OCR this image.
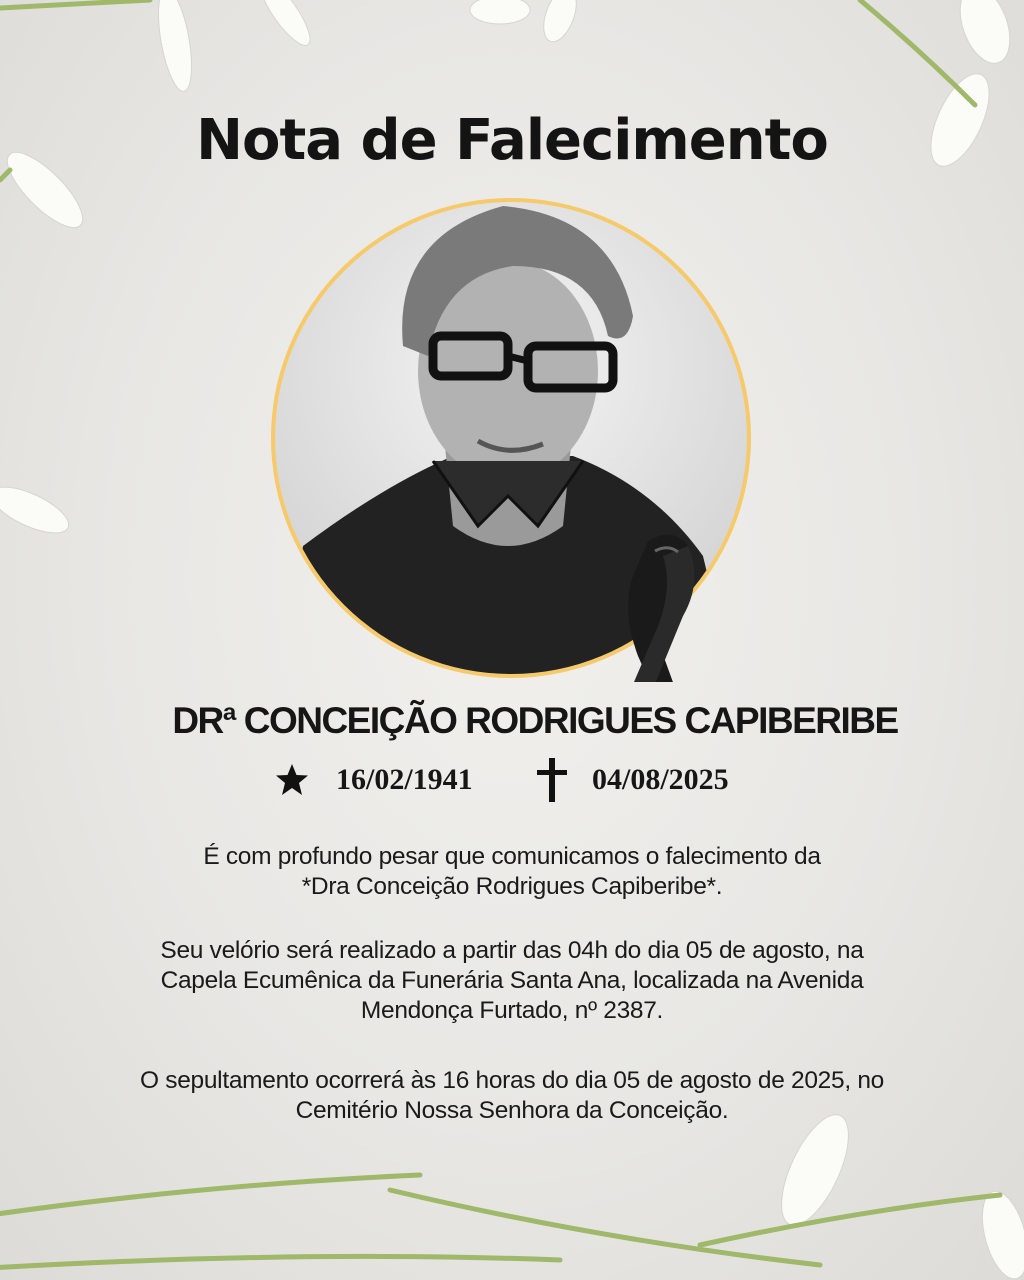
Nota de Falecimento
DRª CONCEIÇÃO RODRIGUES CAPIBERIBE
16/02/1941	04/08/2025
É com profundo pesar que comunicamos o falecimento da
*Dra Conceição Rodrigues Capiberibe*.
Seu velório será realizado a partir das 04h do dia 05 de agosto, na
Capela Ecumênica da Funerária Santa Ana, localizada na Avenida
Mendonça Furtado, nº 2387.
O sepultamento ocorrerá às 16 horas do dia 05 de agosto de 2025, no
Cemitério Nossa Senhora da Conceição.
